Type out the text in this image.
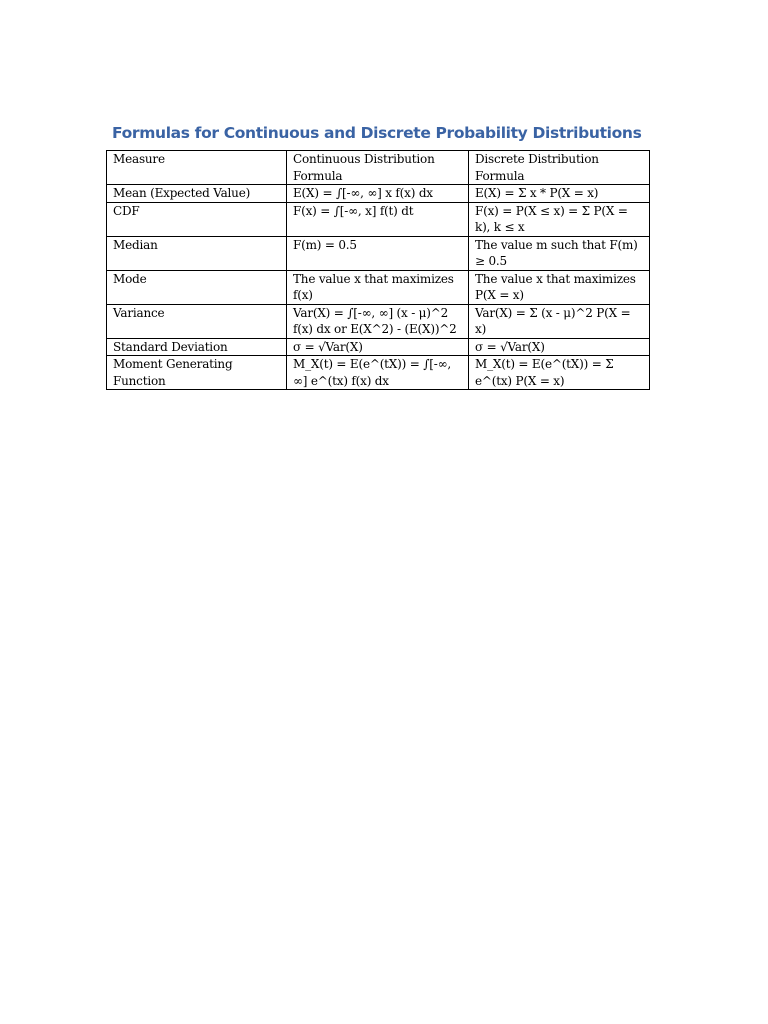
Formulas for Continuous and Discrete Probability Distributions
Measure	Continuous Distribution Formula	Discrete Distribution Formula
Mean (Expected Value)	E(X) = ∫[-∞, ∞] x f(x) dx	E(X) = Σ x * P(X = x)
CDF	F(x) = ∫[-∞, x] f(t) dt	F(x) = P(X ≤ x) = Σ P(X = k), k ≤ x
Median	F(m) = 0.5	The value m such that F(m) ≥ 0.5
Mode	The value x that maximizes f(x)	The value x that maximizes P(X = x)
Variance	Var(X) = ∫[-∞, ∞] (x - μ)^2 f(x) dx or E(X^2) - (E(X))^2	Var(X) = Σ (x - μ)^2 P(X = x)
Standard Deviation	σ = √Var(X)	σ = √Var(X)
Moment Generating Function	M_X(t) = E(e^(tX)) = ∫[-∞, ∞] e^(tx) f(x) dx	M_X(t) = E(e^(tX)) = Σ e^(tx) P(X = x)
